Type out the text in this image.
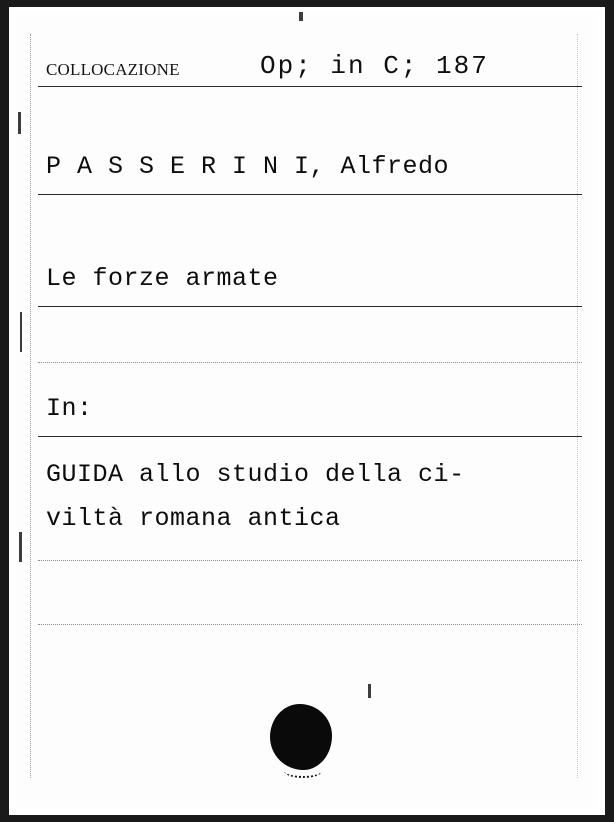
COLLOCAZIONE	Op; in C; 187
P A S S E R I N I, Alfredo
Le forze armate
In:
GUIDA allo studio della ci-
viltà romana antica
